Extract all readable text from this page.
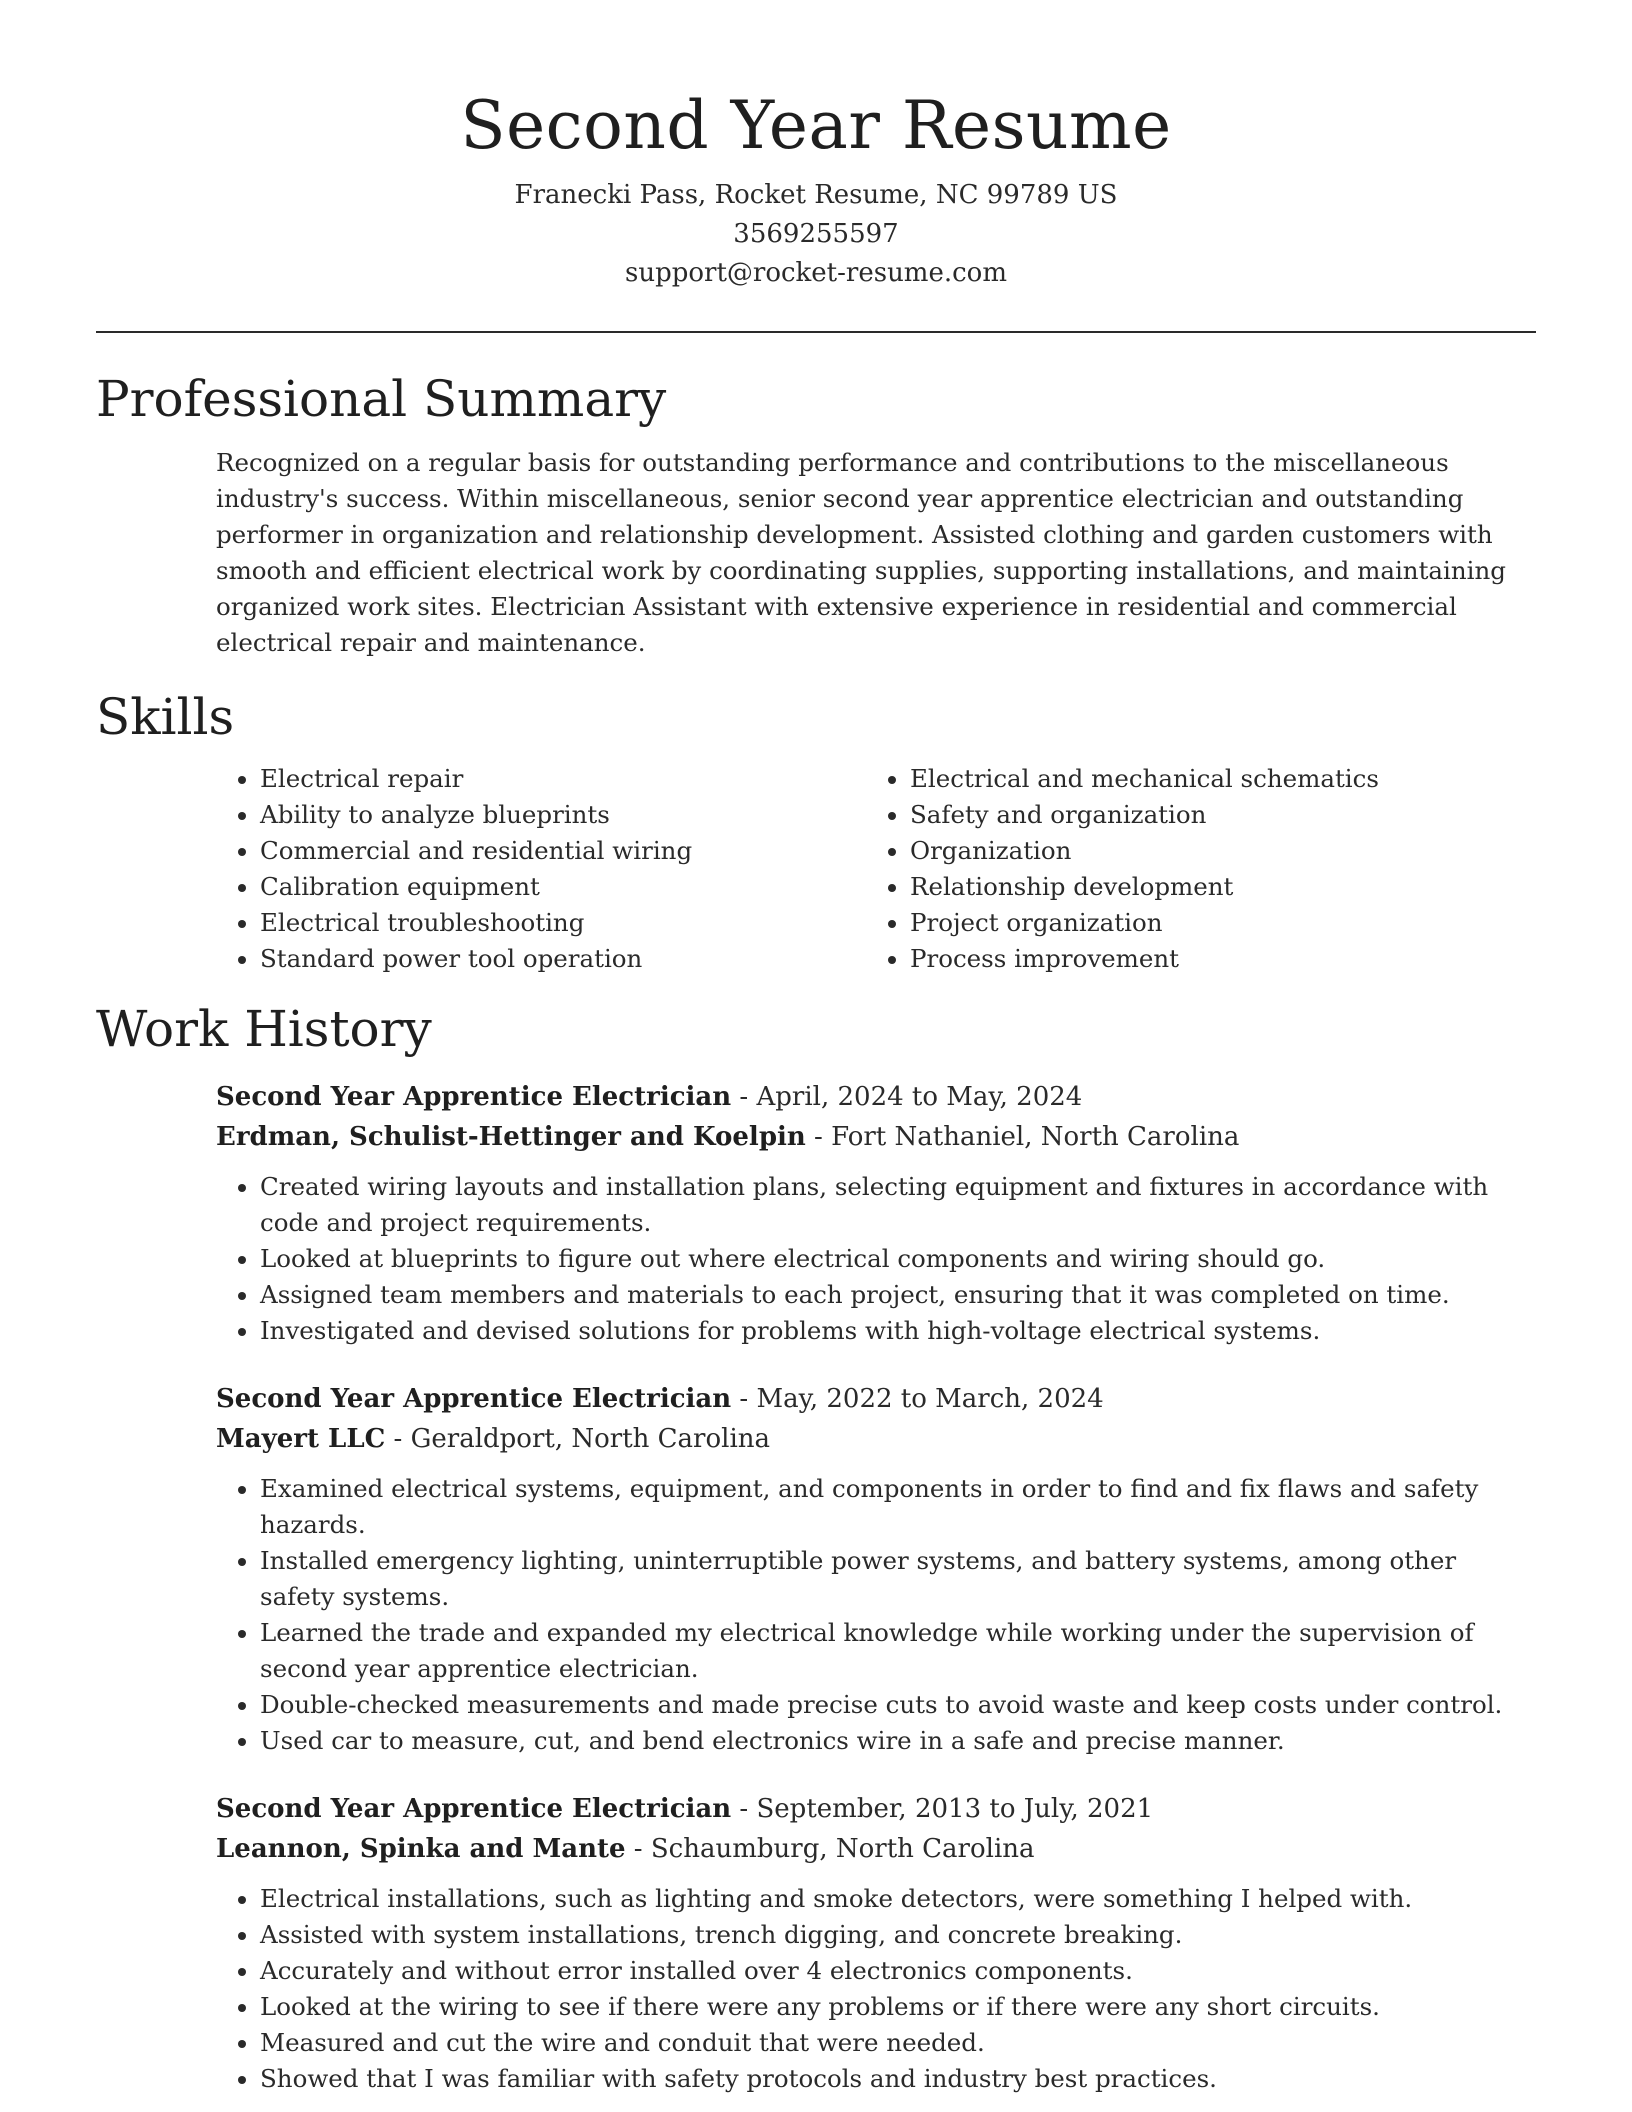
Second Year Resume
Franecki Pass, Rocket Resume, NC 99789 US
3569255597
support@rocket-resume.com
Professional Summary

Recognized on a regular basis for outstanding performance and contributions to the miscellaneous industry's success. Within miscellaneous, senior second year apprentice electrician and outstanding performer in organization and relationship development. Assisted clothing and garden customers with smooth and efficient electrical work by coordinating supplies, supporting installations, and maintaining organized work sites. Electrician Assistant with extensive experience in residential and commercial electrical repair and maintenance.

Skills
• Electrical repair
• Ability to analyze blueprints
• Commercial and residential wiring
• Calibration equipment
• Electrical troubleshooting
• Standard power tool operation
• Electrical and mechanical schematics
• Safety and organization
• Organization
• Relationship development
• Project organization
• Process improvement
Work History
Second Year Apprentice Electrician - April, 2024 to May, 2024
Erdman, Schulist-Hettinger and Koelpin - Fort Nathaniel, North Carolina
• Created wiring layouts and installation plans, selecting equipment and fixtures in accordance with code and project requirements.
• Looked at blueprints to figure out where electrical components and wiring should go.
• Assigned team members and materials to each project, ensuring that it was completed on time.
• Investigated and devised solutions for problems with high-voltage electrical systems.
Second Year Apprentice Electrician - May, 2022 to March, 2024
Mayert LLC - Geraldport, North Carolina
• Examined electrical systems, equipment, and components in order to find and fix flaws and safety hazards.
• Installed emergency lighting, uninterruptible power systems, and battery systems, among other safety systems.
• Learned the trade and expanded my electrical knowledge while working under the supervision of second year apprentice electrician.
• Double-checked measurements and made precise cuts to avoid waste and keep costs under control.
• Used car to measure, cut, and bend electronics wire in a safe and precise manner.
Second Year Apprentice Electrician - September, 2013 to July, 2021
Leannon, Spinka and Mante - Schaumburg, North Carolina
• Electrical installations, such as lighting and smoke detectors, were something I helped with.
• Assisted with system installations, trench digging, and concrete breaking.
• Accurately and without error installed over 4 electronics components.
• Looked at the wiring to see if there were any problems or if there were any short circuits.
• Measured and cut the wire and conduit that were needed.
• Showed that I was familiar with safety protocols and industry best practices.
